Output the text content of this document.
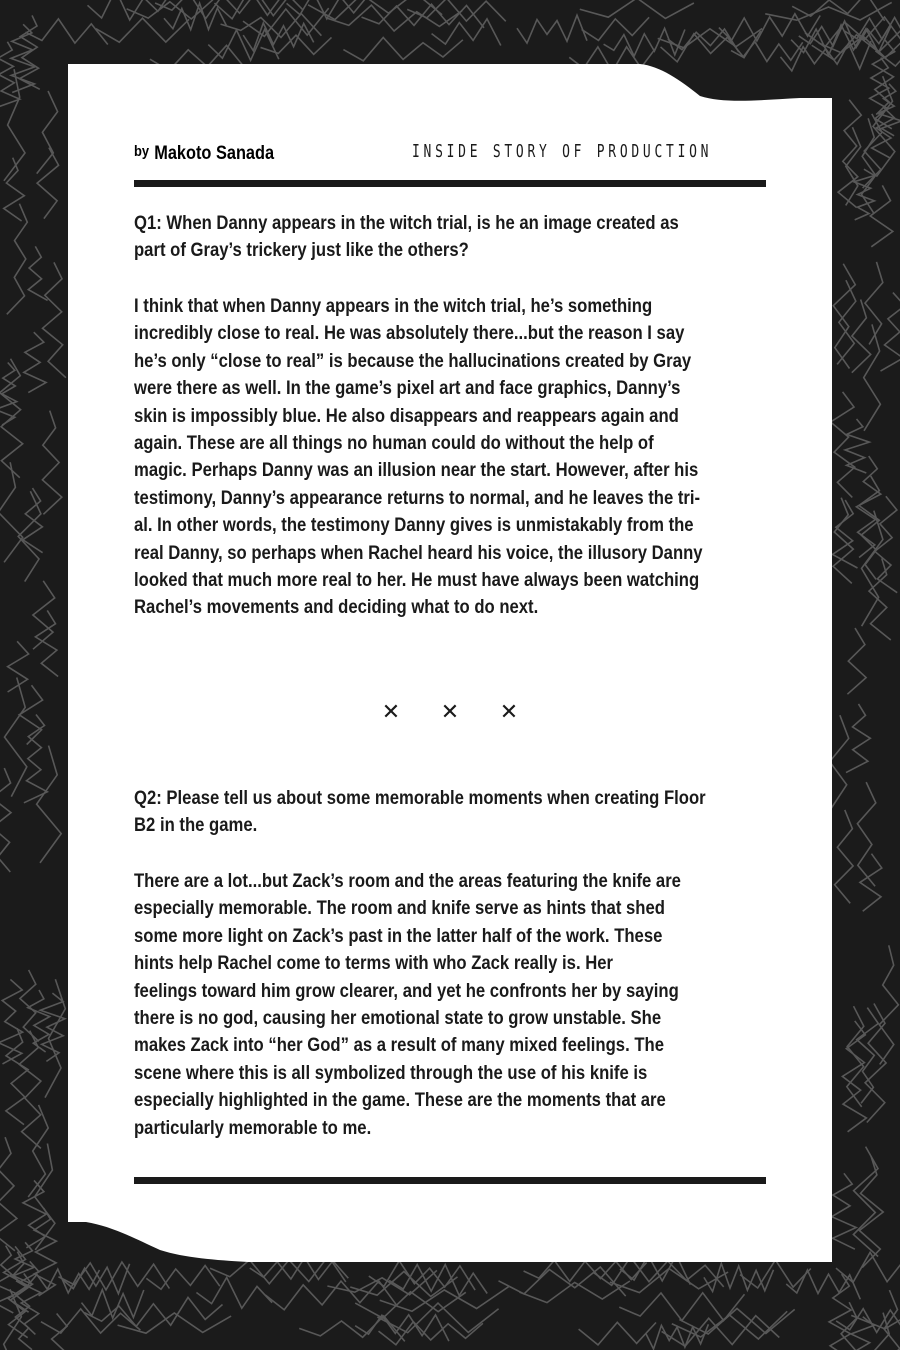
by Makoto Sanada	INSIDE STORY OF PRODUCTION

Q1: When Danny appears in the witch trial, is he an image created as
part of Gray’s trickery just like the others?

I think that when Danny appears in the witch trial, he’s something
incredibly close to real. He was absolutely there...but the reason I say
he’s only “close to real” is because the hallucinations created by Gray
were there as well. In the game’s pixel art and face graphics, Danny’s
skin is impossibly blue. He also disappears and reappears again and
again. These are all things no human could do without the help of
magic. Perhaps Danny was an illusion near the start. However, after his
testimony, Danny’s appearance returns to normal, and he leaves the tri-
al. In other words, the testimony Danny gives is unmistakably from the
real Danny, so perhaps when Rachel heard his voice, the illusory Danny
looked that much more real to her. He must have always been watching
Rachel’s movements and deciding what to do next.

✕ ✕ ✕

Q2: Please tell us about some memorable moments when creating Floor
B2 in the game.

There are a lot...but Zack’s room and the areas featuring the knife are
especially memorable. The room and knife serve as hints that shed
some more light on Zack’s past in the latter half of the work. These
hints help Rachel come to terms with who Zack really is. Her
feelings toward him grow clearer, and yet he confronts her by saying
there is no god, causing her emotional state to grow unstable. She
makes Zack into “her God” as a result of many mixed feelings. The
scene where this is all symbolized through the use of his knife is
especially highlighted in the game. These are the moments that are
particularly memorable to me.
